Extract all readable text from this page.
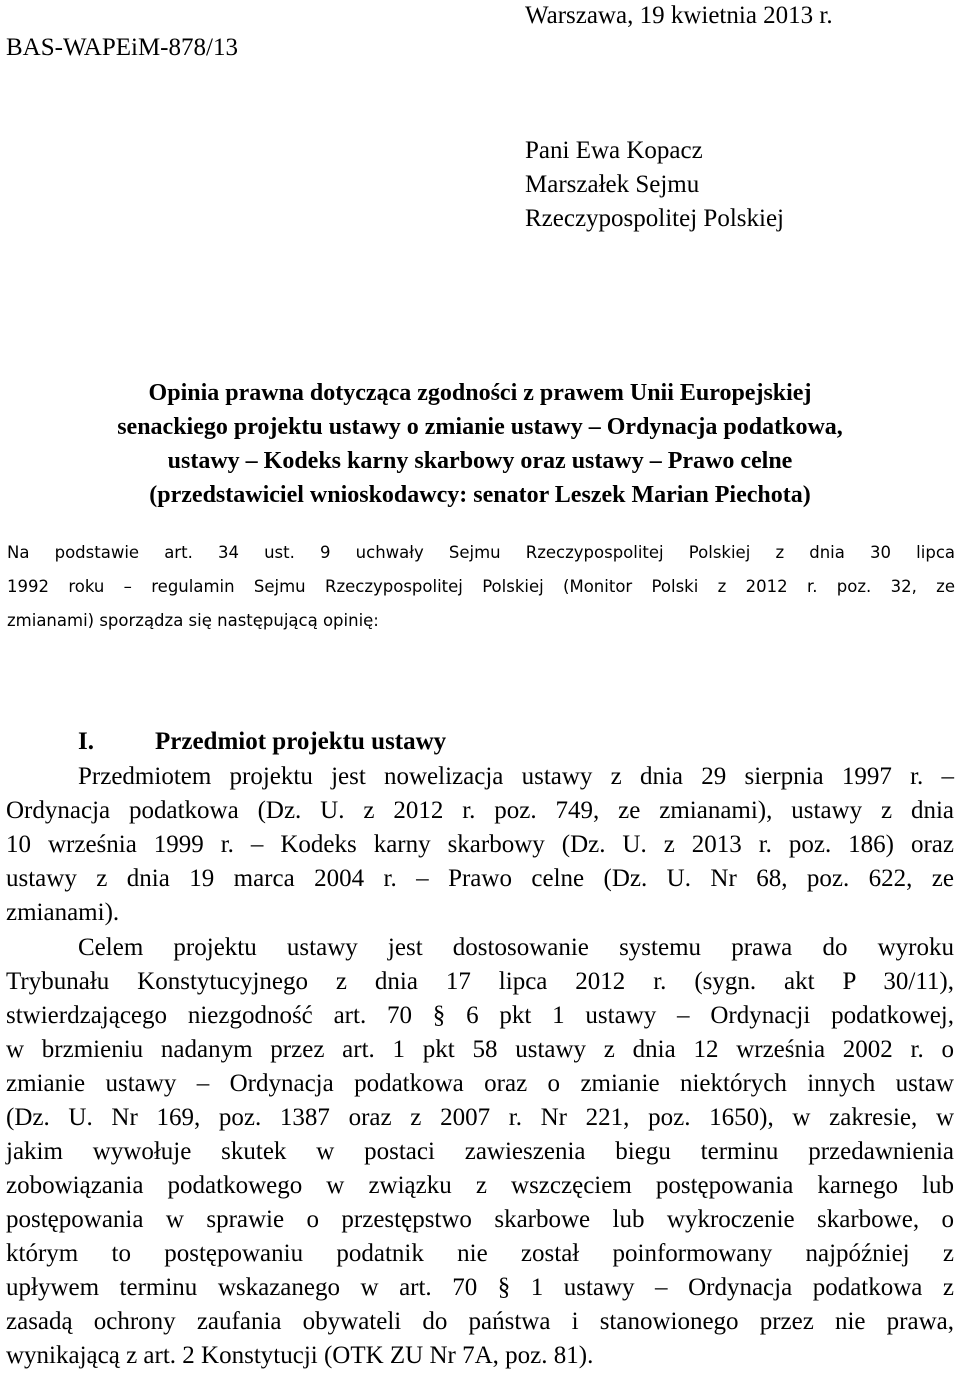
BAS-WAPEiM-878/13
Warszawa, 19 kwietnia 2013 r.
Pani Ewa Kopacz
Marszałek Sejmu
Rzeczypospolitej Polskiej
Opinia prawna dotycząca zgodności z prawem Unii Europejskiej
senackiego projektu ustawy o zmianie ustawy – Ordynacja podatkowa,
ustawy – Kodeks karny skarbowy oraz ustawy – Prawo celne
(przedstawiciel wnioskodawcy: senator Leszek Marian Piechota)
Na podstawie art. 34 ust. 9 uchwały Sejmu Rzeczypospolitej Polskiej z dnia 30 lipca
1992 roku – regulamin Sejmu Rzeczypospolitej Polskiej (Monitor Polski z 2012 r. poz. 32, ze
zmianami) sporządza się następującą opinię:
I. Przedmiot projektu ustawy
Przedmiotem projektu jest nowelizacja ustawy z dnia 29 sierpnia 1997 r. –
Ordynacja podatkowa (Dz. U. z 2012 r. poz. 749, ze zmianami), ustawy z dnia
10 września 1999 r. – Kodeks karny skarbowy (Dz. U. z 2013 r. poz. 186) oraz
ustawy z dnia 19 marca 2004 r. – Prawo celne (Dz. U. Nr 68, poz. 622, ze
zmianami).
Celem projektu ustawy jest dostosowanie systemu prawa do wyroku
Trybunału Konstytucyjnego z dnia 17 lipca 2012 r. (sygn. akt P 30/11),
stwierdzającego niezgodność art. 70 § 6 pkt 1 ustawy – Ordynacji podatkowej,
w brzmieniu nadanym przez art. 1 pkt 58 ustawy z dnia 12 września 2002 r. o
zmianie ustawy – Ordynacja podatkowa oraz o zmianie niektórych innych ustaw
(Dz. U. Nr 169, poz. 1387 oraz z 2007 r. Nr 221, poz. 1650), w zakresie, w
jakim wywołuje skutek w postaci zawieszenia biegu terminu przedawnienia
zobowiązania podatkowego w związku z wszczęciem postępowania karnego lub
postępowania w sprawie o przestępstwo skarbowe lub wykroczenie skarbowe, o
którym to postępowaniu podatnik nie został poinformowany najpóźniej z
upływem terminu wskazanego w art. 70 § 1 ustawy – Ordynacja podatkowa z
zasadą ochrony zaufania obywateli do państwa i stanowionego przez nie prawa,
wynikającą z art. 2 Konstytucji (OTK ZU Nr 7A, poz. 81).
